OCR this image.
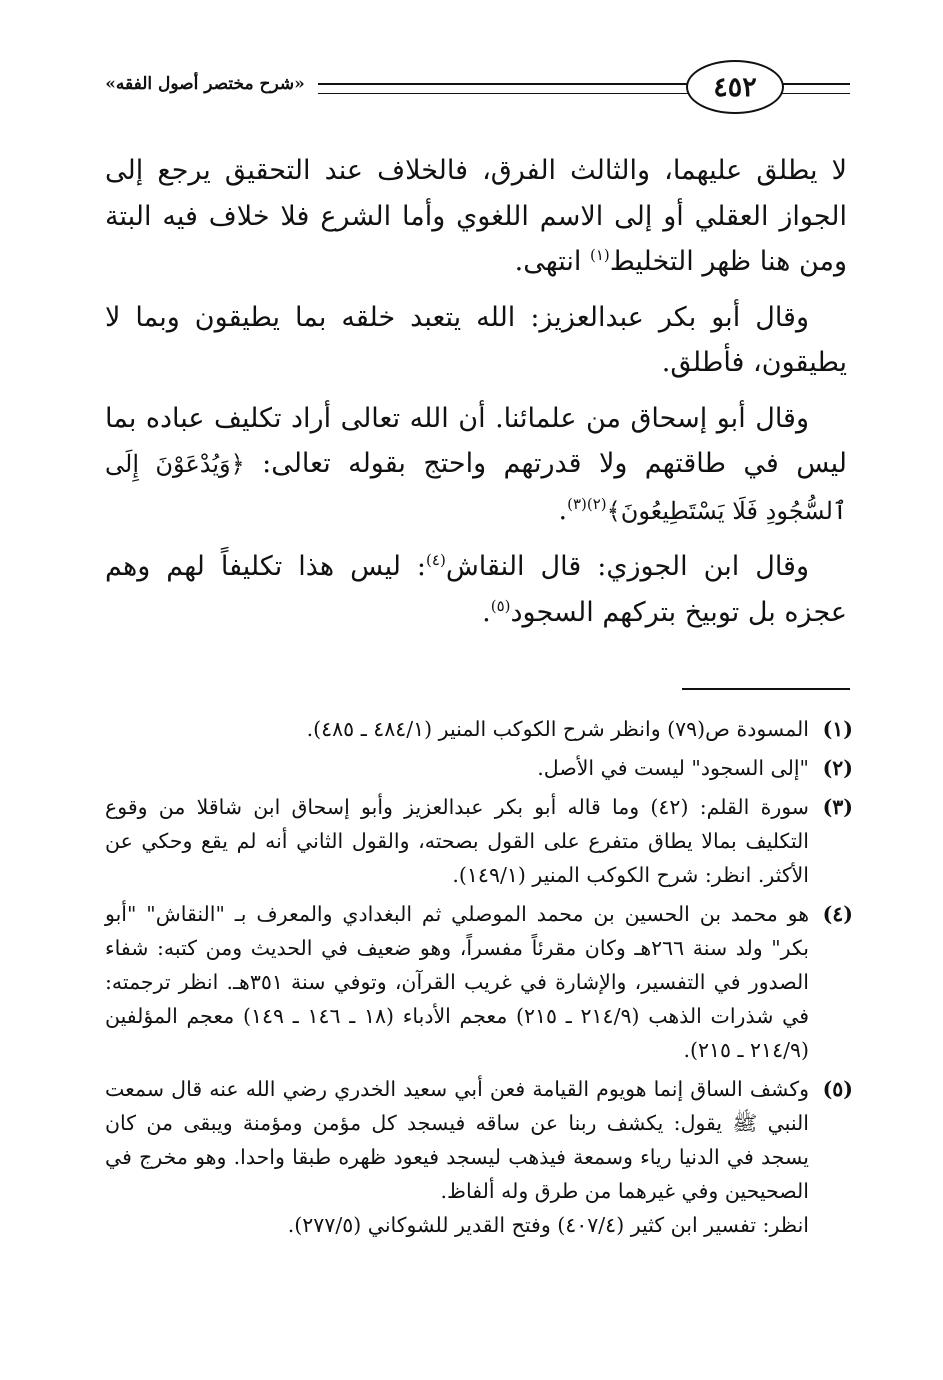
٤٥٢
«شرح مختصر أصول الفقه»

لا يطلق عليهما، والثالث الفرق، فالخلاف عند التحقيق يرجع إلى الجواز العقلي أو إلى الاسم اللغوي وأما الشرع فلا خلاف فيه البتة ومن هنا ظهر التخليط$^{(١)}$ انتهى.

وقال أبو بكر عبدالعزيز: الله يتعبد خلقه بما يطيقون وبما لا يطيقون، فأطلق.

وقال أبو إسحاق من علمائنا. أن الله تعالى أراد تكليف عباده بما ليس في طاقتهم ولا قدرتهم واحتج بقوله تعالى: ﴿وَيُدْعَوْنَ إِلَى ٱلسُّجُودِ فَلَا يَسْتَطِيعُونَ﴾$^{(٢)(٣)}$.

وقال ابن الجوزي: قال النقاش$^{(٤)}$: ليس هذا تكليفاً لهم وهم عجزه بل توبيخ بتركهم السجود$^{(٥)}$.

(١)
المسودة ص(٧٩) وانظر شرح الكوكب المنير (٤٨٤/١ ـ ٤٨٥).
(٢)
"إلى السجود" ليست في الأصل.
(٣)
سورة القلم: (٤٢) وما قاله أبو بكر عبدالعزيز وأبو إسحاق ابن شاقلا من وقوع التكليف بمالا يطاق متفرع على القول بصحته، والقول الثاني أنه لم يقع وحكي عن الأكثر. انظر: شرح الكوكب المنير (١٤٩/١).
(٤)
هو محمد بن الحسين بن محمد الموصلي ثم البغدادي والمعرف بـ "النقاش" "أبو بكر" ولد سنة ٢٦٦هـ وكان مقرئاً مفسراً، وهو ضعيف في الحديث ومن كتبه: شفاء الصدور في التفسير، والإشارة في غريب القرآن، وتوفي سنة ٣٥١هـ. انظر ترجمته: في شذرات الذهب (٢١٤/٩ ـ ٢١٥) معجم الأدباء (١٨ ـ ١٤٦ ـ ١٤٩) معجم المؤلفين (٢١٤/٩ ـ ٢١٥).
(٥)
وكشف الساق إنما هويوم القيامة فعن أبي سعيد الخدري رضي الله عنه قال سمعت النبي ﷺ يقول: يكشف ربنا عن ساقه فيسجد كل مؤمن ومؤمنة ويبقى من كان يسجد في الدنيا رياء وسمعة فيذهب ليسجد فيعود ظهره طبقا واحدا. وهو مخرج في الصحيحين وفي غيرهما من طرق وله ألفاظ.
انظر: تفسير ابن كثير (٤٠٧/٤) وفتح القدير للشوكاني (٢٧٧/٥).
